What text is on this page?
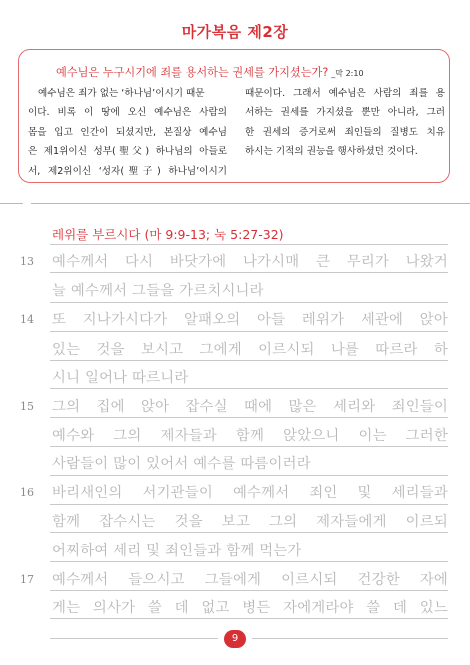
마가복음 제2장
예수님은 누구시기에 죄를 용서하는 권세를 가지셨는가? _막 2:10
예수님은 죄가 없는 ‘하나님’이시기 때문
이다. 비록 이 땅에 오신 예수님은 사람의
몸을 입고 인간이 되셨지만, 본질상 예수님
은 제1위이신 성부(聖父) 하나님의 아들로
서, 제2위이신 ‘성자(聖子) 하나님’이시기
때문이다. 그래서 예수님은 사람의 죄를 용
서하는 권세를 가지셨을 뿐만 아니라, 그러
한 권세의 증거로써 죄인들의 질병도 치유
하시는 기적의 권능을 행사하셨던 것이다.
레위를 부르시다 (마 9:9-13; 눅 5:27-32)
13 예수께서 다시 바닷가에 나가시매 큰 무리가 나왔거
늘 예수께서 그들을 가르치시니라
14 또 지나가시다가 알패오의 아들 레위가 세관에 앉아
있는 것을 보시고 그에게 이르시되 나를 따르라 하
시니 일어나 따르니라
15 그의 집에 앉아 잡수실 때에 많은 세리와 죄인들이
예수와 그의 제자들과 함께 앉았으니 이는 그러한
사람들이 많이 있어서 예수를 따름이러라
16 바리새인의 서기관들이 예수께서 죄인 및 세리들과
함께 잡수시는 것을 보고 그의 제자들에게 이르되
어찌하여 세리 및 죄인들과 함께 먹는가
17 예수께서 들으시고 그들에게 이르시되 건강한 자에
게는 의사가 쓸 데 없고 병든 자에게라야 쓸 데 있느
9
